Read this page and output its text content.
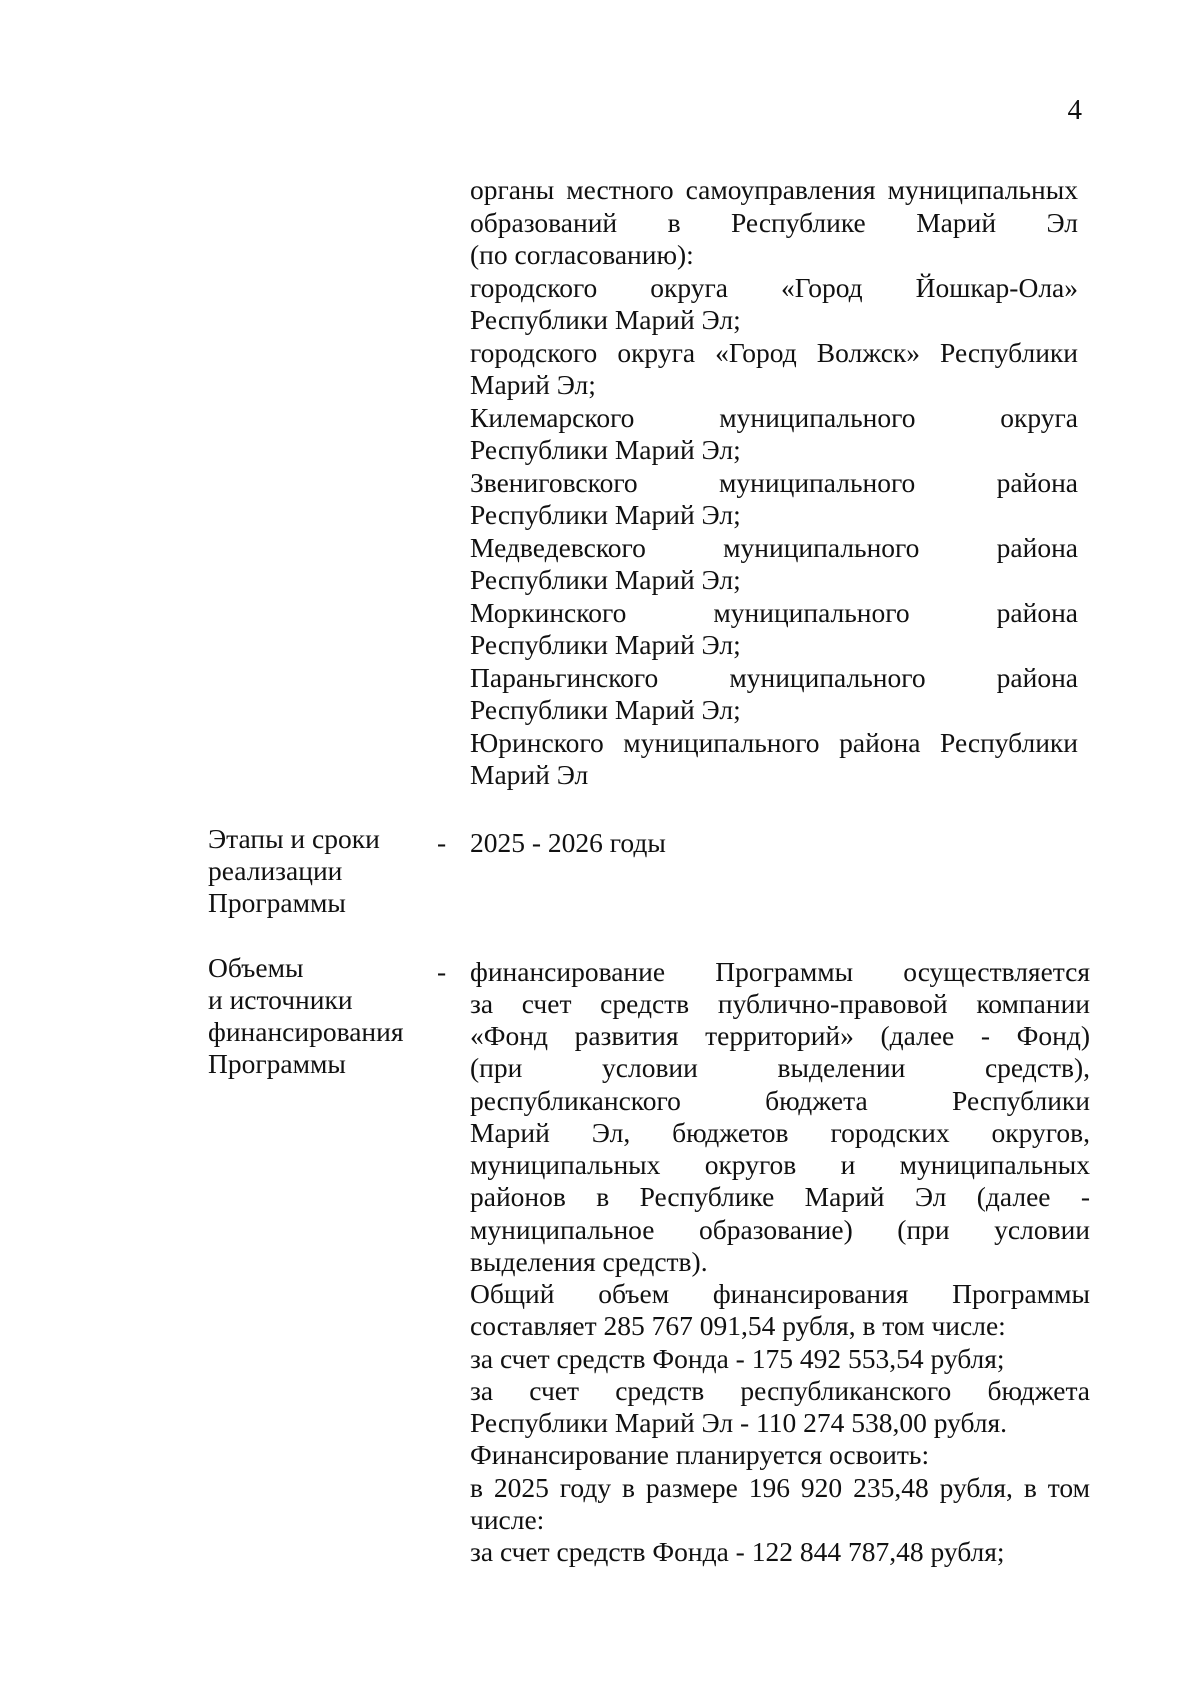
4

органы местного самоуправления муниципальных

образований в Республике Марий Эл

(по согласованию):

городского округа «Город Йошкар-Ола»

Республики Марий Эл;

городского округа «Город Волжск» Республики

Марий Эл;

Килемарского муниципального округа

Республики Марий Эл;

Звениговского муниципального района

Республики Марий Эл;

Медведевского муниципального района

Республики Марий Эл;

Моркинского муниципального района

Республики Марий Эл;

Параньгинского муниципального района

Республики Марий Эл;

Юринского муниципального района Республики

Марий Эл

Этапы и сроки
реализации
Программы
- 2025 - 2026 годы

Объемы
и источники
финансирования
Программы
- финансирование Программы осуществляется

за счет средств публично-правовой компании

«Фонд развития территорий» (далее - Фонд)

(при условии выделении средств),

республиканского бюджета Республики

Марий Эл, бюджетов городских округов,

муниципальных округов и муниципальных

районов в Республике Марий Эл (далее -

муниципальное образование) (при условии

выделения средств).

Общий объем финансирования Программы

составляет 285 767 091,54 рубля, в том числе:

за счет средств Фонда - 175 492 553,54 рубля;

за счет средств республиканского бюджета

Республики Марий Эл - 110 274 538,00 рубля.

Финансирование планируется освоить:

в 2025 году в размере 196 920 235,48 рубля, в том

числе:

за счет средств Фонда - 122 844 787,48 рубля;
